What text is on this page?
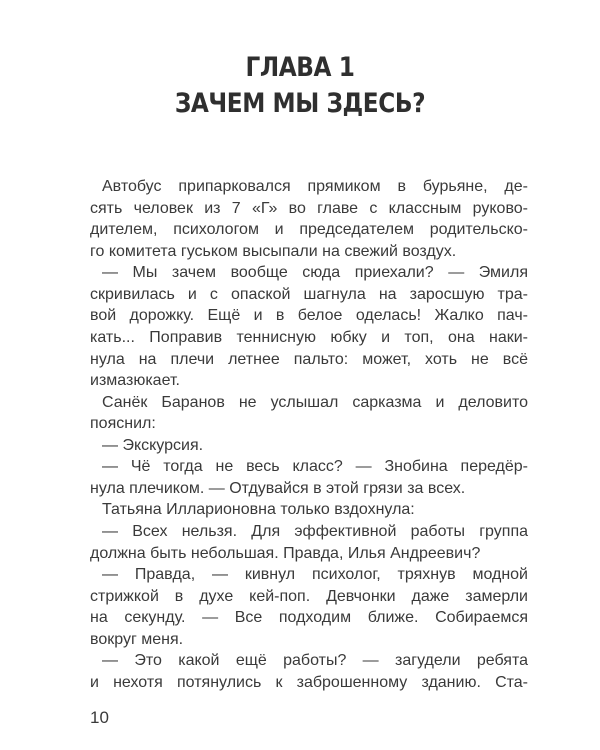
ГЛАВА 1
ЗАЧЕМ МЫ ЗДЕСЬ?
Автобус припарковался прямиком в бурьяне, де-
сять человек из 7 «Г» во главе с классным руково-
дителем, психологом и председателем родительско-
го комитета гуськом высыпали на свежий воздух.
— Мы зачем вообще сюда приехали? — Эмиля
скривилась и с опаской шагнула на заросшую тра-
вой дорожку. Ещё и в белое оделась! Жалко пач-
кать... Поправив теннисную юбку и топ, она наки-
нула на плечи летнее пальто: может, хоть не всё
измазюкает.
Санёк Баранов не услышал сарказма и деловито
пояснил:
— Экскурсия.
— Чё тогда не весь класс? — Знобина передёр-
нула плечиком. — Отдувайся в этой грязи за всех.
Татьяна Илларионовна только вздохнула:
— Всех нельзя. Для эффективной работы группа
должна быть небольшая. Правда, Илья Андреевич?
— Правда, — кивнул психолог, тряхнув модной
стрижкой в духе кей-поп. Девчонки даже замерли
на секунду. — Все подходим ближе. Собираемся
вокруг меня.
— Это какой ещё работы? — загудели ребята
и нехотя потянулись к заброшенному зданию. Ста-
10
